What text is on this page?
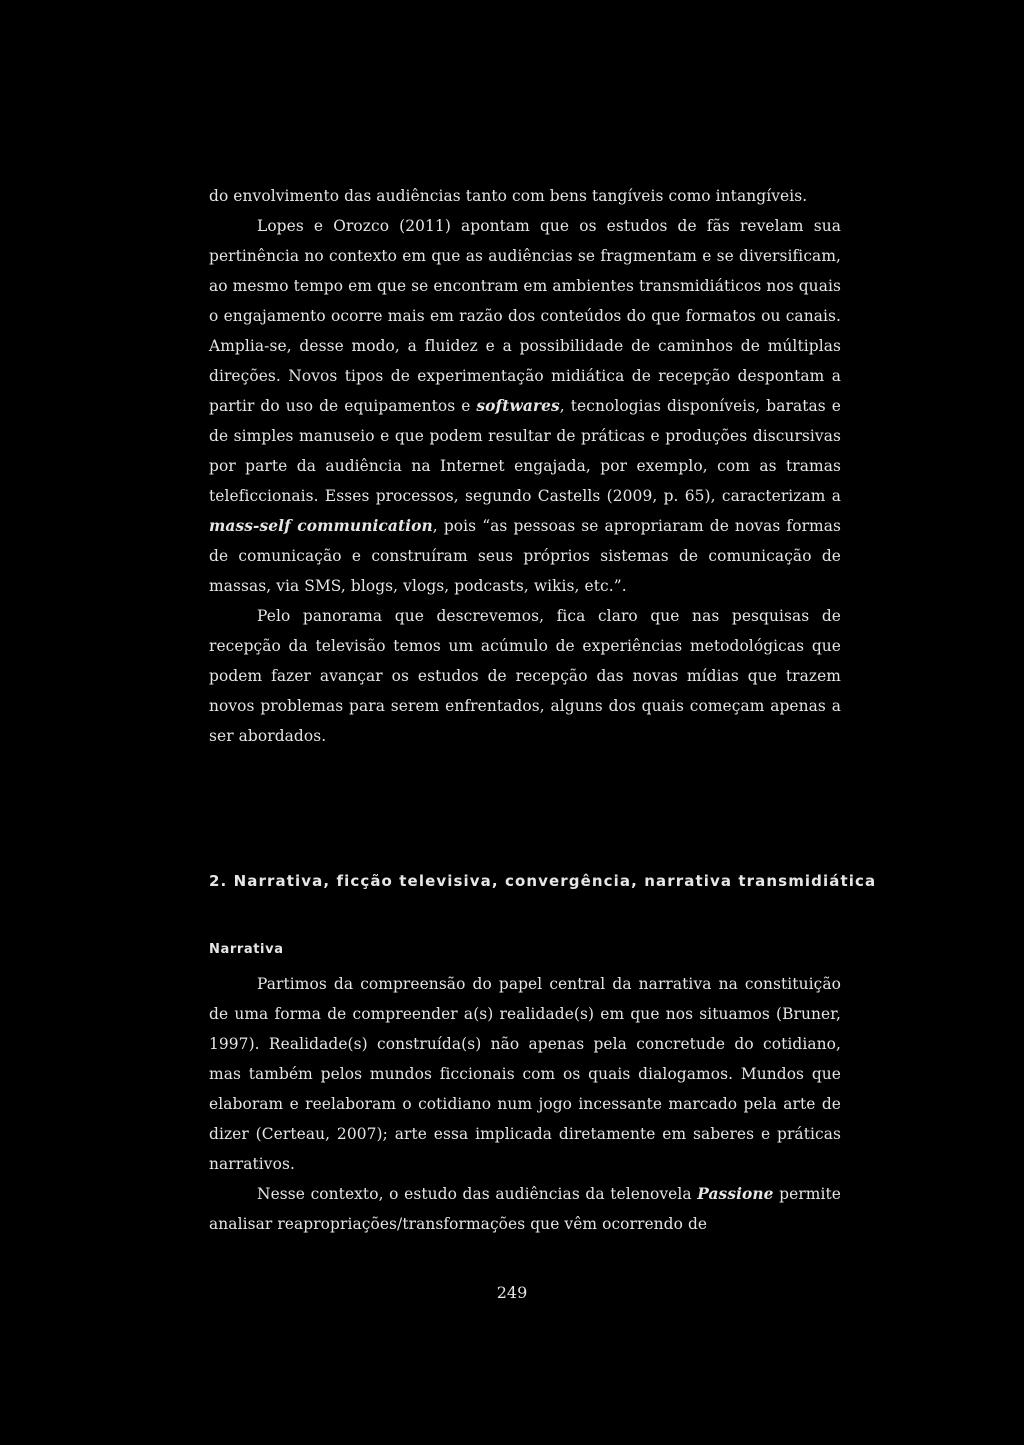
do envolvimento das audiências tanto com bens tangíveis como intangíveis.

Lopes e Orozco (2011) apontam que os estudos de fãs revelam sua pertinência no contexto em que as audiências se fragmentam e se diversificam, ao mesmo tempo em que se encontram em ambientes transmidiáticos nos quais o engajamento ocorre mais em razão dos conteúdos do que formatos ou canais. Amplia-se, desse modo, a fluidez e a possibilidade de caminhos de múltiplas direções. Novos tipos de experimentação midiática de recepção despontam a partir do uso de equipamentos e softwares, tecnologias disponíveis, baratas e de simples manuseio e que podem resultar de práticas e produções discursivas por parte da audiência na Internet engajada, por exemplo, com as tramas teleficcionais. Esses processos, segundo Castells (2009, p. 65), caracterizam a mass-self communication, pois “as pessoas se apropriaram de novas formas de comunicação e construíram seus próprios sistemas de comunicação de massas, via SMS, blogs, vlogs, podcasts, wikis, etc.”.

Pelo panorama que descrevemos, fica claro que nas pesquisas de recepção da televisão temos um acúmulo de experiências metodológicas que podem fazer avançar os estudos de recepção das novas mídias que trazem novos problemas para serem enfrentados, alguns dos quais começam apenas a ser abordados.

2. Narrativa, ficção televisiva, convergência, narrativa transmidiática
Narrativa

Partimos da compreensão do papel central da narrativa na constituição de uma forma de compreender a(s) realidade(s) em que nos situamos (Bruner, 1997). Realidade(s) construída(s) não apenas pela concretude do cotidiano, mas também pelos mundos ficcionais com os quais dialogamos. Mundos que elaboram e reelaboram o cotidiano num jogo incessante marcado pela arte de dizer (Certeau, 2007); arte essa implicada diretamente em saberes e práticas narrativos.

Nesse contexto, o estudo das audiências da telenovela Passione permite analisar reapropriações/transformações que vêm ocorrendo de

249
